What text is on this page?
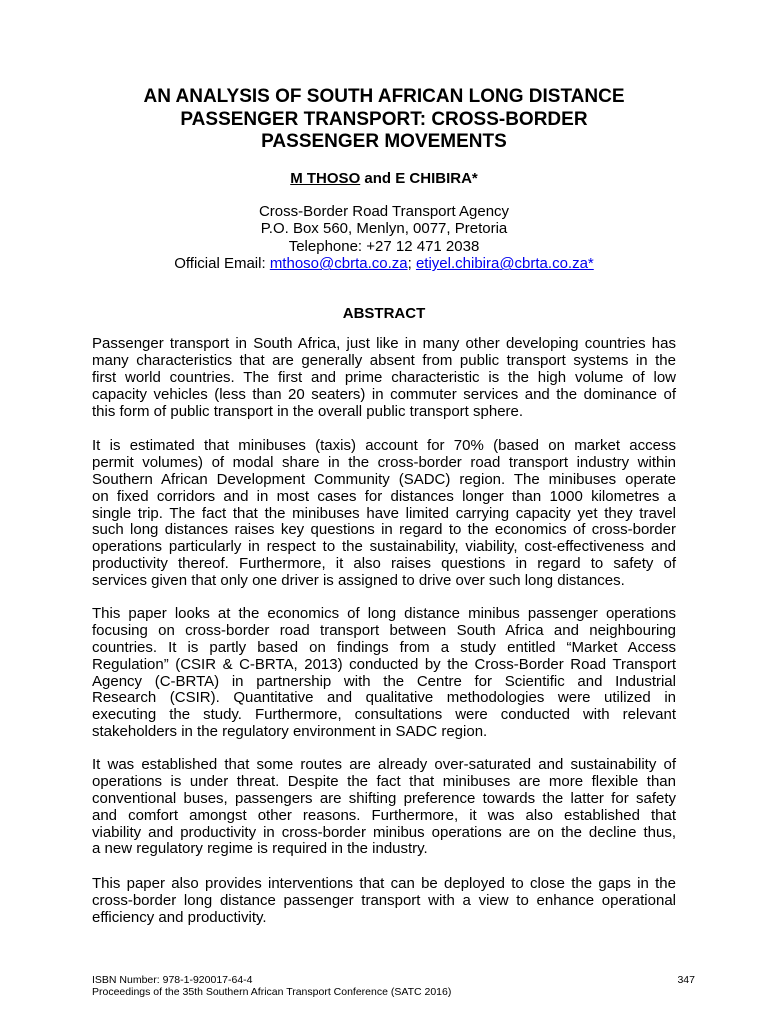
AN ANALYSIS OF SOUTH AFRICAN LONG DISTANCE
PASSENGER TRANSPORT: CROSS-BORDER
PASSENGER MOVEMENTS
M THOSO and E CHIBIRA*
Cross-Border Road Transport Agency
P.O. Box 560, Menlyn, 0077, Pretoria
Telephone: +27 12 471 2038
Official Email: mthoso@cbrta.co.za; etiyel.chibira@cbrta.co.za*
ABSTRACT

Passenger transport in South Africa, just like in many other developing countries has
many characteristics that are generally absent from public transport systems in the
first world countries. The first and prime characteristic is the high volume of low
capacity vehicles (less than 20 seaters) in commuter services and the dominance of
this form of public transport in the overall public transport sphere.

It is estimated that minibuses (taxis) account for 70% (based on market access
permit volumes) of modal share in the cross-border road transport industry within
Southern African Development Community (SADC) region. The minibuses operate
on fixed corridors and in most cases for distances longer than 1000 kilometres a
single trip. The fact that the minibuses have limited carrying capacity yet they travel
such long distances raises key questions in regard to the economics of cross-border
operations particularly in respect to the sustainability, viability, cost-effectiveness and
productivity thereof. Furthermore, it also raises questions in regard to safety of
services given that only one driver is assigned to drive over such long distances.

This paper looks at the economics of long distance minibus passenger operations
focusing on cross-border road transport between South Africa and neighbouring
countries. It is partly based on findings from a study entitled “Market Access
Regulation” (CSIR & C-BRTA, 2013) conducted by the Cross-Border Road Transport
Agency (C-BRTA) in partnership with the Centre for Scientific and Industrial
Research (CSIR). Quantitative and qualitative methodologies were utilized in
executing the study. Furthermore, consultations were conducted with relevant
stakeholders in the regulatory environment in SADC region.

It was established that some routes are already over-saturated and sustainability of
operations is under threat. Despite the fact that minibuses are more flexible than
conventional buses, passengers are shifting preference towards the latter for safety
and comfort amongst other reasons. Furthermore, it was also established that
viability and productivity in cross-border minibus operations are on the decline thus,
a new regulatory regime is required in the industry.

This paper also provides interventions that can be deployed to close the gaps in the
cross-border long distance passenger transport with a view to enhance operational
efficiency and productivity.

ISBN Number: 978-1-920017-64-4	347
Proceedings of the 35th Southern African Transport Conference (SATC 2016)
